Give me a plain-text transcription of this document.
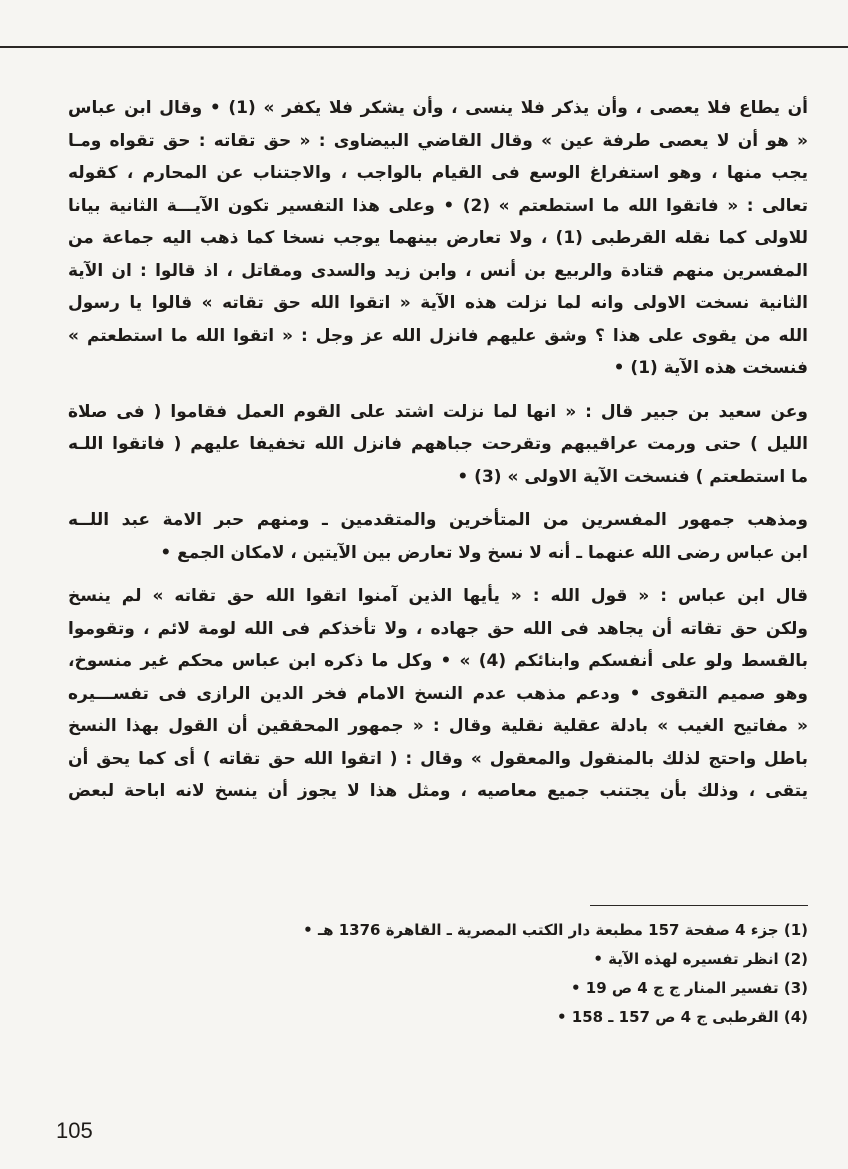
أن يطاع فلا يعصى ، وأن يذكر فلا ينسى ، وأن يشكر فلا يكفر » (1) • وقال ابن عباس
« هو أن لا يعصى طرفة عين » وقال القاضي البيضاوى : « حق تقاته : حق تقواه ومـا
يجب منها ، وهو استفراغ الوسع فى القيام بالواجب ، والاجتناب عن المحارم ، كقوله
تعالى : « فاتقوا الله ما استطعتم » (2) • وعلى هذا التفسير تكون الآيـــة الثانية بيانا
للاولى كما نقله القرطبى (1) ، ولا تعارض بينهما يوجب نسخا كما ذهب اليه جماعة من
المفسرين منهم قتادة والربيع بن أنس ، وابن زيد والسدى ومقاتل ، اذ قالوا : ان الآية
الثانية نسخت الاولى وانه لما نزلت هذه الآية « اتقوا الله حق تقاته » قالوا يا رسول
الله من يقوى على هذا ؟ وشق عليهم فانزل الله عز وجل : « اتقوا الله ما استطعتم »
فنسخت هذه الآية (1) •

وعن سعيد بن جبير قال : « انها لما نزلت اشتد على القوم العمل فقاموا ( فى صلاة
الليل ) حتى ورمت عراقيبهم وتقرحت جباههم فانزل الله تخفيفا عليهم ( فاتقوا اللـه
ما استطعتم ) فنسخت الآية الاولى » (3) •

ومذهب جمهور المفسرين من المتأخرين والمتقدمين ـ ومنهم حبر الامة عبد اللــه
ابن عباس رضى الله عنهما ـ أنه لا نسخ ولا تعارض بين الآيتين ، لامكان الجمع •

قال ابن عباس : « قول الله : « يأيها الذين آمنوا اتقوا الله حق تقاته » لم ينسخ
ولكن حق تقاته أن يجاهد فى الله حق جهاده ، ولا تأخذكم فى الله لومة لائم ، وتقوموا
بالقسط ولو على أنفسكم وابنائكم (4) » • وكل ما ذكره ابن عباس محكم غير منسوخ،
وهو صميم التقوى • ودعم مذهب عدم النسخ الامام فخر الدين الرازى فى تفســـيره
« مفاتيح الغيب » بادلة عقلية نقلية وقال : « جمهور المحققين أن القول بهذا النسخ
باطل واحتج لذلك بالمنقول والمعقول » وقال : ( اتقوا الله حق تقاته ) أى كما يحق أن
يتقى ، وذلك بأن يجتنب جميع معاصيه ، ومثل هذا لا يجوز أن ينسخ لانه اباحة لبعض

(1) جزء 4 صفحة 157 مطبعة دار الكتب المصرية ـ القاهرة 1376 هـ •
(2) انظر تفسيره لهذه الآية •
(3) تفسير المنار ج ج 4 ص 19 •
(4) القرطبى ج 4 ص 157 ـ 158 •
105
